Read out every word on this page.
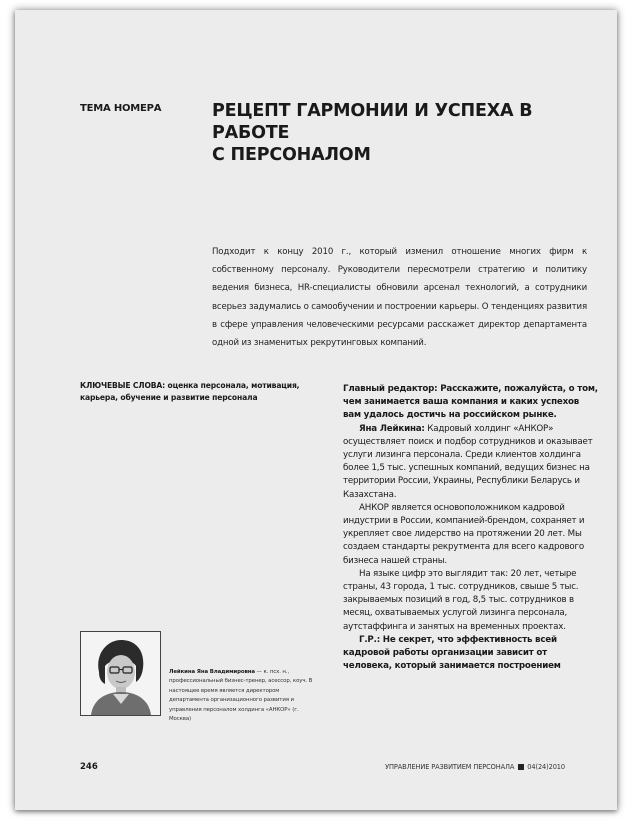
ТЕМА НОМЕРА	РЕЦЕПТ ГАРМОНИИ И УСПЕХА В РАБОТЕ
С ПЕРСОНАЛОМ

Подходит к концу 2010 г., который изменил отношение многих фирм к собственному персоналу. Руководители пересмотрели стратегию и политику ведения бизнеса, HR-специалисты обновили арсенал технологий, а сотрудники всерьез задумались о самообучении и построении карьеры. О тенденциях развития в сфере управления человеческими ресурсами расскажет директор департамента одной из знаменитых рекрутинговых компаний.

КЛЮЧЕВЫЕ СЛОВА: оценка персонала, мотивация, карьера, обучение и развитие персонала
Лейкина Яна Владимировна — к. псх. н., профессиональный бизнес-тренер, асессор, коуч. В настоящее время является директором департамента организационного развития и управления персоналом холдинга «АНКОР» (г. Москва)

Главный редактор: Расскажите, пожалуйста, о том, чем занимается ваша компания и каких успехов вам удалось достичь на российском рынке.

Яна Лейкина: Кадровый холдинг «АНКОР» осуществляет поиск и подбор сотрудников и оказывает услуги лизинга персонала. Среди клиентов холдинга более 1,5 тыс. успешных компаний, ведущих бизнес на территории России, Украины, Республики Беларусь и Казахстана.

АНКОР является основоположником кадровой индустрии в России, компанией-брендом, сохраняет и укрепляет свое лидерство на протяжении 20 лет. Мы создаем стандарты рекрутмента для всего кадрового бизнеса нашей страны.

На языке цифр это выглядит так: 20 лет, четыре страны, 43 города, 1 тыс. сотрудников, свыше 5 тыс. закрываемых позиций в год, 8,5 тыс. сотрудников в месяц, охватываемых услугой лизинга персонала, аутстаффинга и занятых на временных проектах.

Г.Р.: Не секрет, что эффективность всей кадровой работы организации зависит от человека, который занимается построением

246	УПРАВЛЕНИЕ РАЗВИТИЕМ ПЕРСОНАЛА 04(24)2010
